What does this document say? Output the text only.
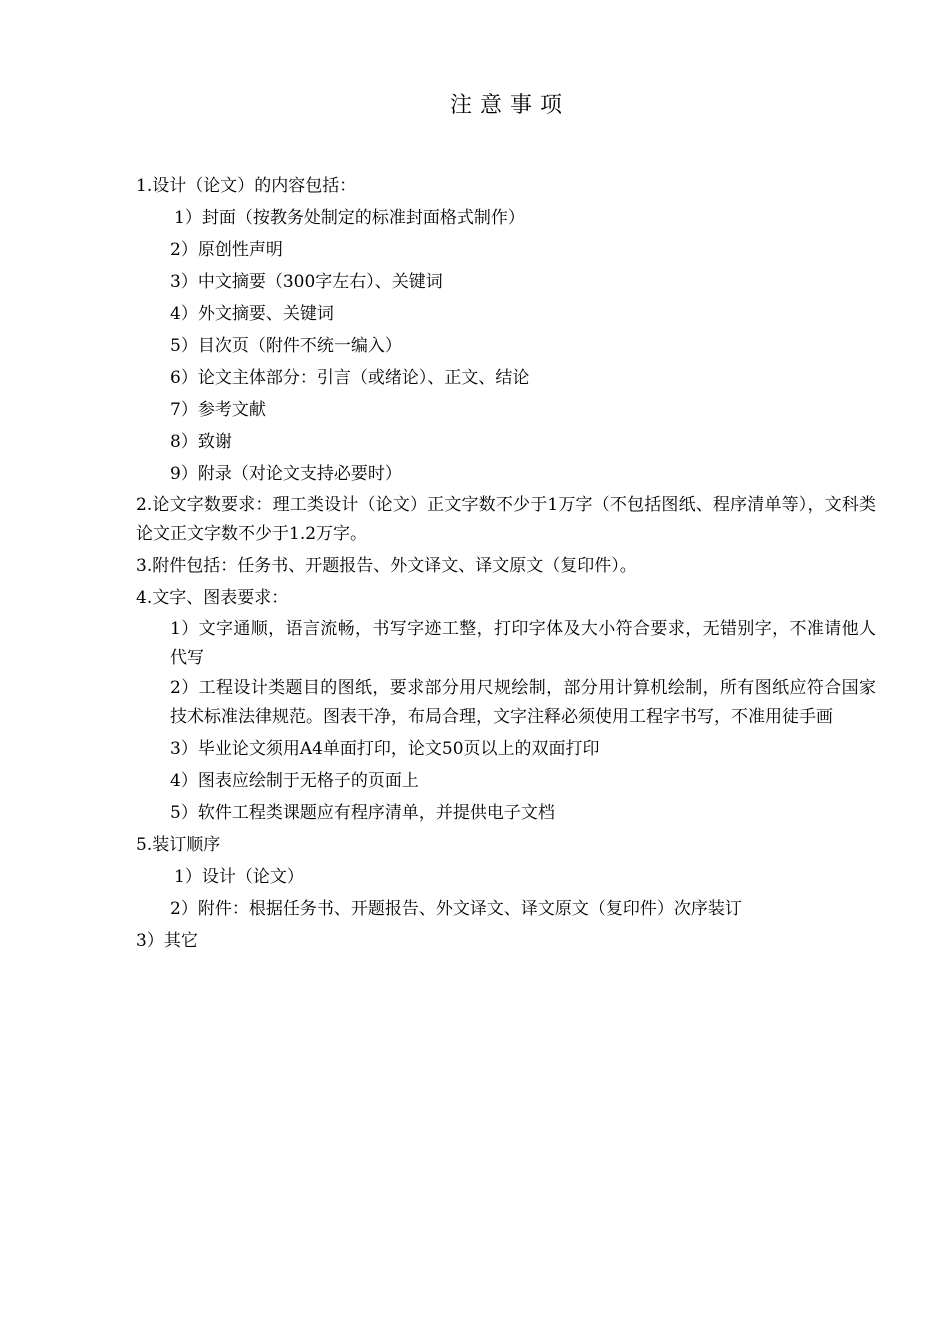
注意事项
1.设计（论文）的内容包括：
1）封面（按教务处制定的标准封面格式制作）
2）原创性声明
3）中文摘要（300字左右）、关键词
4）外文摘要、关键词
5）目次页（附件不统一编入）
6）论文主体部分：引言（或绪论）、正文、结论
7）参考文献
8）致谢
9）附录（对论文支持必要时）
2.论文字数要求：理工类设计（论文）正文字数不少于1万字（不包括图纸、程序清单等），文科类论文正文字数不少于1.2万字。
3.附件包括：任务书、开题报告、外文译文、译文原文（复印件）。
4.文字、图表要求：
1）文字通顺，语言流畅，书写字迹工整，打印字体及大小符合要求，无错别字，不准请他人代写
2）工程设计类题目的图纸，要求部分用尺规绘制，部分用计算机绘制，所有图纸应符合国家技术标准法律规范。图表干净，布局合理，文字注释必须使用工程字书写，不准用徒手画
3）毕业论文须用A4单面打印，论文50页以上的双面打印
4）图表应绘制于无格子的页面上
5）软件工程类课题应有程序清单，并提供电子文档
5.装订顺序
1）设计（论文）
2）附件：根据任务书、开题报告、外文译文、译文原文（复印件）次序装订
3）其它
